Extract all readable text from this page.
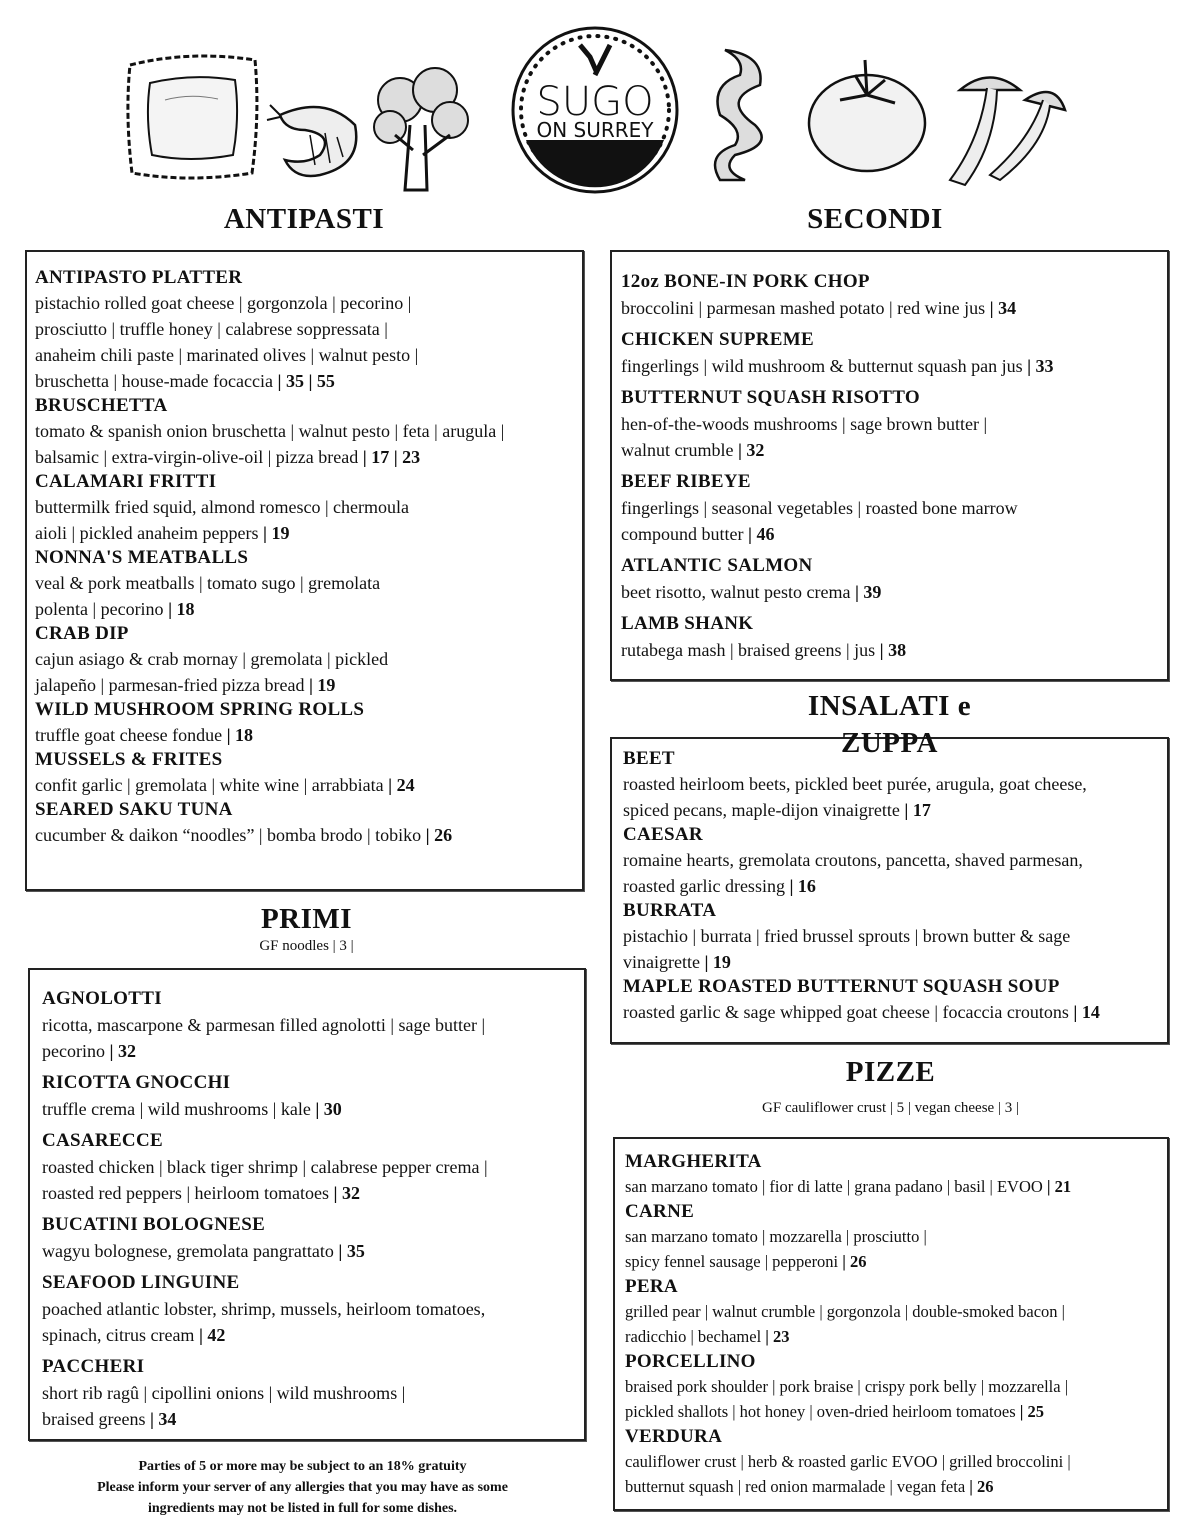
SUGO
ON SURREY
ANTIPASTI
ANTIPASTO PLATTER
pistachio rolled goat cheese | gorgonzola | pecorino |
prosciutto | truffle honey | calabrese soppressata |
anaheim chili paste | marinated olives | walnut pesto |
bruschetta | house-made focaccia | 35 | 55
BRUSCHETTA
tomato & spanish onion bruschetta | walnut pesto | feta | arugula |
balsamic | extra-virgin-olive-oil | pizza bread | 17 | 23
CALAMARI FRITTI
buttermilk fried squid, almond romesco | chermoula
aioli | pickled anaheim peppers | 19
NONNA'S MEATBALLS
veal & pork meatballs | tomato sugo | gremolata
polenta | pecorino | 18
CRAB DIP
cajun asiago & crab mornay | gremolata | pickled
jalapeño | parmesan-fried pizza bread | 19
WILD MUSHROOM SPRING ROLLS
truffle goat cheese fondue | 18
MUSSELS & FRITES
confit garlic | gremolata | white wine | arrabbiata | 24
SEARED SAKU TUNA
cucumber & daikon “noodles” | bomba brodo | tobiko | 26
SECONDI
12oz BONE-IN PORK CHOP
broccolini | parmesan mashed potato | red wine jus | 34
CHICKEN SUPREME
fingerlings | wild mushroom & butternut squash pan jus | 33
BUTTERNUT SQUASH RISOTTO
hen-of-the-woods mushrooms | sage brown butter |
walnut crumble | 32
BEEF RIBEYE
fingerlings | seasonal vegetables | roasted bone marrow
compound butter | 46
ATLANTIC SALMON
beet risotto, walnut pesto crema | 39
LAMB SHANK
rutabega mash | braised greens | jus | 38
BEET
roasted heirloom beets, pickled beet purée, arugula, goat cheese,
spiced pecans, maple-dijon vinaigrette | 17
CAESAR
romaine hearts, gremolata croutons, pancetta, shaved parmesan,
roasted garlic dressing | 16
BURRATA
pistachio | burrata | fried brussel sprouts | brown butter & sage
vinaigrette | 19
MAPLE ROASTED BUTTERNUT SQUASH SOUP
roasted garlic & sage whipped goat cheese | focaccia croutons | 14
INSALATI e
ZUPPA
PIZZE
GF cauliflower crust | 5 | vegan cheese | 3 |
MARGHERITA
san marzano tomato | fior di latte | grana padano | basil | EVOO | 21
CARNE
san marzano tomato | mozzarella | prosciutto |
spicy fennel sausage | pepperoni | 26
PERA
grilled pear | walnut crumble | gorgonzola | double-smoked bacon |
radicchio | bechamel | 23
PORCELLINO
braised pork shoulder | pork braise | crispy pork belly | mozzarella |
pickled shallots | hot honey | oven-dried heirloom tomatoes | 25
VERDURA
cauliflower crust | herb & roasted garlic EVOO | grilled broccolini |
butternut squash | red onion marmalade | vegan feta | 26
PRIMI
GF noodles | 3 |
AGNOLOTTI
ricotta, mascarpone & parmesan filled agnolotti | sage butter |
pecorino | 32
RICOTTA GNOCCHI
truffle crema | wild mushrooms | kale | 30
CASARECCE
roasted chicken | black tiger shrimp | calabrese pepper crema |
roasted red peppers | heirloom tomatoes | 32
BUCATINI BOLOGNESE
wagyu bolognese, gremolata pangrattato | 35
SEAFOOD LINGUINE
poached atlantic lobster, shrimp, mussels, heirloom tomatoes,
spinach, citrus cream | 42
PACCHERI
short rib ragû | cipollini onions | wild mushrooms |
braised greens | 34
Parties of 5 or more may be subject to an 18% gratuity
Please inform your server of any allergies that you may have as some
ingredients may not be listed in full for some dishes.
